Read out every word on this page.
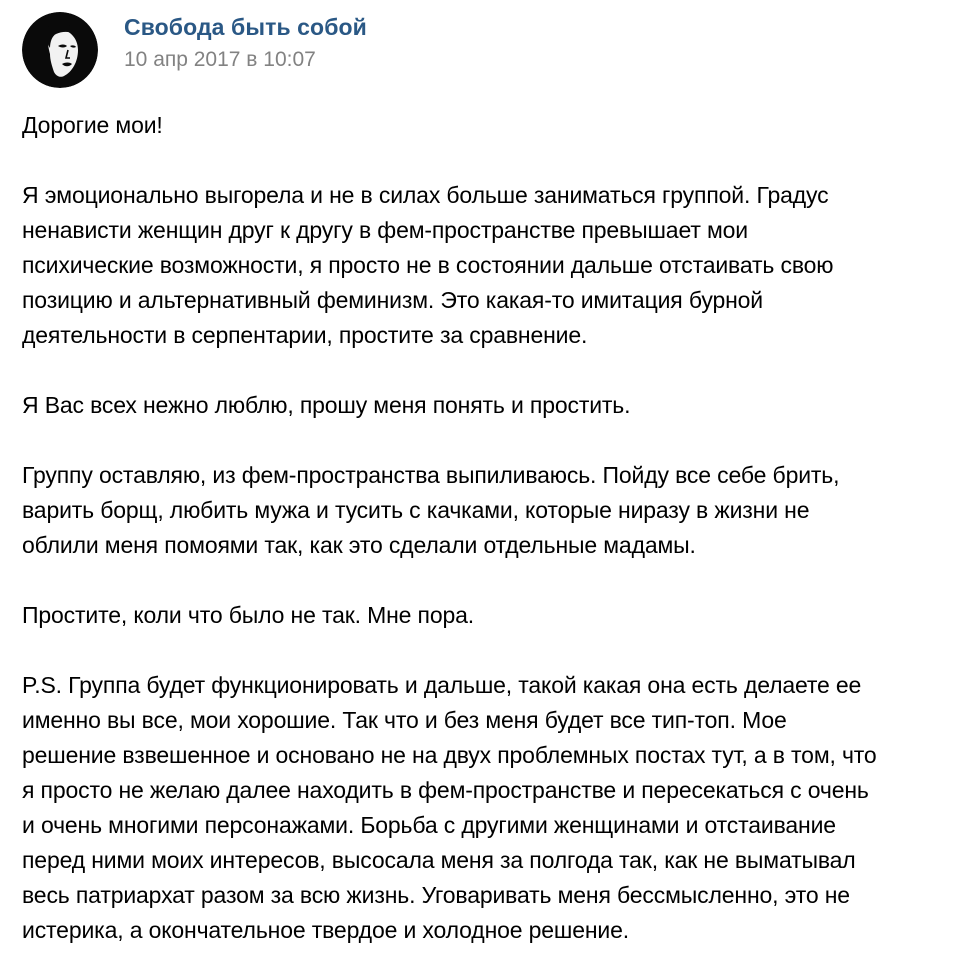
Свобода быть собой
10 апр 2017 в 10:07

Дорогие мои!

Я эмоционально выгорела и не в силах больше заниматься группой. Градус
ненависти женщин друг к другу в фем-пространстве превышает мои
психические возможности, я просто не в состоянии дальше отстаивать свою
позицию и альтернативный феминизм. Это какая-то имитация бурной
деятельности в серпентарии, простите за сравнение.

Я Вас всех нежно люблю, прошу меня понять и простить.

Группу оставляю, из фем-пространства выпиливаюсь. Пойду все себе брить,
варить борщ, любить мужа и тусить с качками, которые ниразу в жизни не
облили меня помоями так, как это сделали отдельные мадамы.

Простите, коли что было не так. Мне пора.

P.S. Группа будет функционировать и дальше, такой какая она есть делаете ее
именно вы все, мои хорошие. Так что и без меня будет все тип-топ. Мое
решение взвешенное и основано не на двух проблемных постах тут, а в том, что
я просто не желаю далее находить в фем-пространстве и пересекаться с очень
и очень многими персонажами. Борьба с другими женщинами и отстаивание
перед ними моих интересов, высосала меня за полгода так, как не выматывал
весь патриархат разом за всю жизнь. Уговаривать меня бессмысленно, это не
истерика, а окончательное твердое и холодное решение.
